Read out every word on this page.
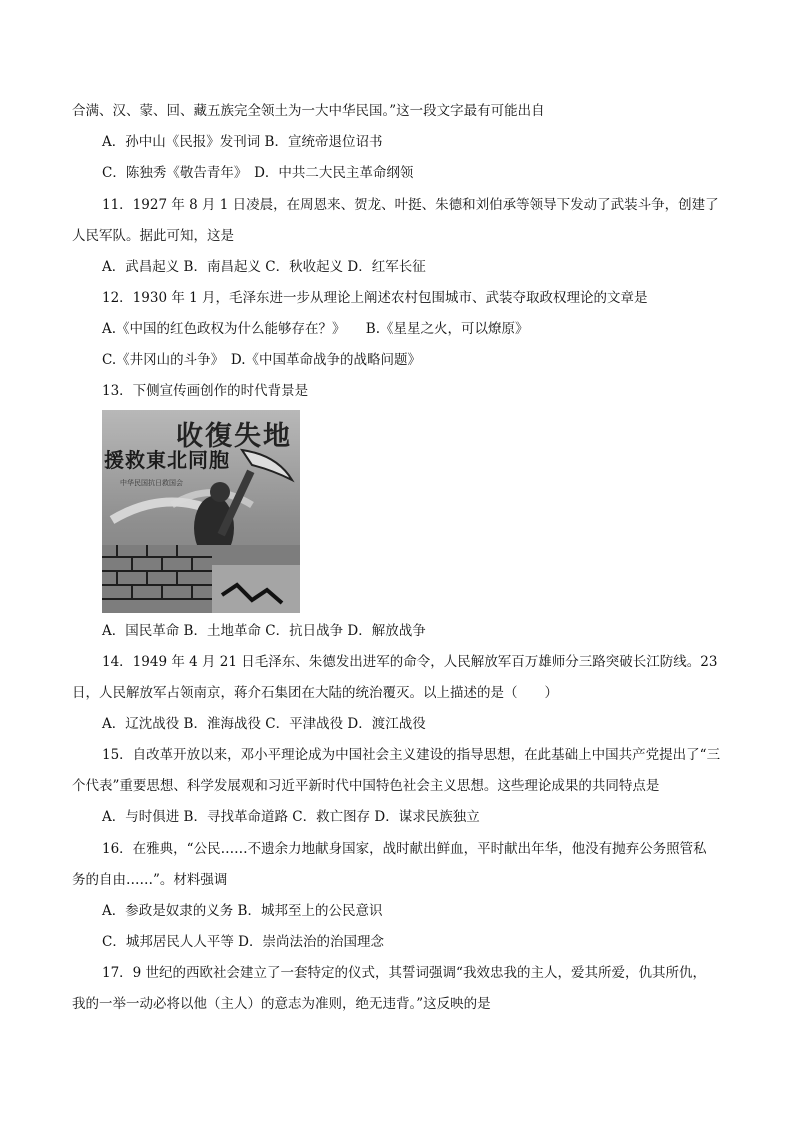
合满、汉、蒙、回、藏五族完全领土为一大中华民国。”这一段文字最有可能出自
A．孙中山《民报》发刊词 B．宣统帝退位诏书
C．陈独秀《敬告青年》　D．中共二大民主革命纲领
11．1927 年 8 月 1 日凌晨，在周恩来、贺龙、叶挺、朱德和刘伯承等领导下发动了武装斗争，创建了
人民军队。据此可知，这是
A．武昌起义 B．南昌起义 C．秋收起义 D．红军长征
12．1930 年 1 月，毛泽东进一步从理论上阐述农村包围城市、武装夺取政权理论的文章是
A.《中国的红色政权为什么能够存在？》　　B.《星星之火，可以燎原》
C.《井冈山的斗争》　D.《中国革命战争的战略问题》
13．下侧宣传画创作的时代背景是
收復失地
援救東北同胞
中华民国抗日救国会
A．国民革命 B．土地革命 C．抗日战争 D．解放战争
14．1949 年 4 月 21 日毛泽东、朱德发出进军的命令，人民解放军百万雄师分三路突破长江防线。23
日，人民解放军占领南京，蒋介石集团在大陆的统治覆灭。以上描述的是（　　）
A．辽沈战役 B．淮海战役 C．平津战役 D．渡江战役
15．自改革开放以来，邓小平理论成为中国社会主义建设的指导思想，在此基础上中国共产党提出了“三
个代表”重要思想、科学发展观和习近平新时代中国特色社会主义思想。这些理论成果的共同特点是
A．与时俱进 B．寻找革命道路 C．救亡图存 D．谋求民族独立
16．在雅典，“公民……不遗余力地献身国家，战时献出鲜血，平时献出年华，他没有抛弃公务照管私
务的自由……”。材料强调
A．参政是奴隶的义务 B．城邦至上的公民意识
C．城邦居民人人平等 D．崇尚法治的治国理念
17．9 世纪的西欧社会建立了一套特定的仪式，其誓词强调“我效忠我的主人，爱其所爱，仇其所仇，
我的一举一动必将以他（主人）的意志为准则，绝无违背。”这反映的是
